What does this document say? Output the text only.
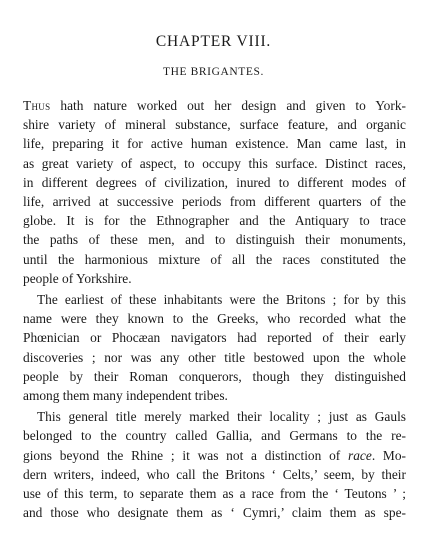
CHAPTER VIII.
THE BRIGANTES.

Thus hath nature worked out her design and given to York-
shire variety of mineral substance, surface feature, and organic
life, preparing it for active human existence. Man came last, in
as great variety of aspect, to occupy this surface. Distinct races,
in different degrees of civilization, inured to different modes of
life, arrived at successive periods from different quarters of the
globe. It is for the Ethnographer and the Antiquary to trace
the paths of these men, and to distinguish their monuments,
until the harmonious mixture of all the races constituted the
people of Yorkshire.

The earliest of these inhabitants were the Britons ; for by this
name were they known to the Greeks, who recorded what the
Phœnician or Phocæan navigators had reported of their early
discoveries ; nor was any other title bestowed upon the whole
people by their Roman conquerors, though they distinguished
among them many independent tribes.

This general title merely marked their locality ; just as Gauls
belonged to the country called Gallia, and Germans to the re-
gions beyond the Rhine ; it was not a distinction of race. Mo-
dern writers, indeed, who call the Britons ‘ Celts,’ seem, by their
use of this term, to separate them as a race from the ‘ Teutons ’ ;
and those who designate them as ‘ Cymri,’ claim them as spe-
